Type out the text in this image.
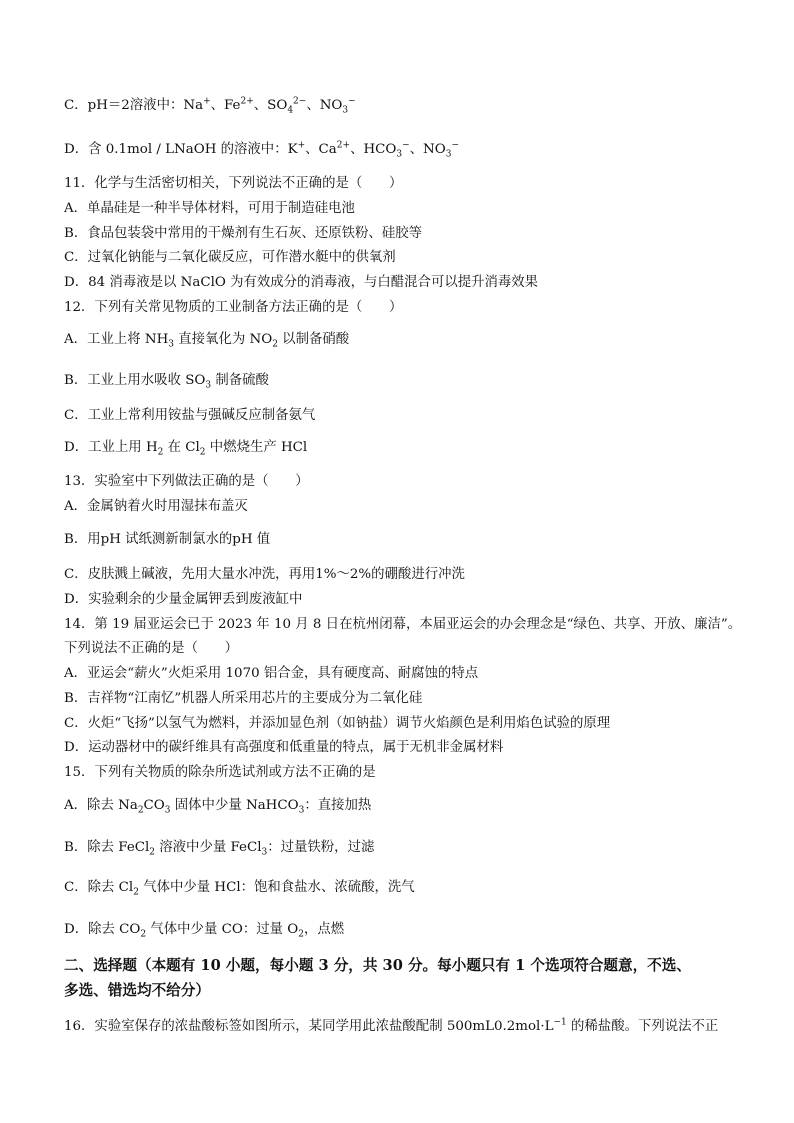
C．pH＝2溶液中：Na+、$Fe^{2+}$、$SO_4^{2-}$、$NO_3^-$
D．含 0.1mol / LNaOH 的溶液中：K+、$Ca^{2+}$、$HCO_3^-$、$NO_3^-$
11．化学与生活密切相关，下列说法不正确的是（　　）
A．单晶硅是一种半导体材料，可用于制造硅电池
B．食品包装袋中常用的干燥剂有生石灰、还原铁粉、硅胶等
C．过氧化钠能与二氧化碳反应，可作潜水艇中的供氧剂
D．84 消毒液是以 NaClO 为有效成分的消毒液，与白醋混合可以提升消毒效果
12．下列有关常见物质的工业制备方法正确的是（　　）
A．工业上将 $NH_3$ 直接氧化为 $NO_2$ 以制备硝酸
B．工业上用水吸收 $SO_3$ 制备硫酸
C．工业上常利用铵盐与强碱反应制备氨气
D．工业上用 $H_2$ 在 $Cl_2$ 中燃烧生产 HCl
13．实验室中下列做法正确的是（　　）
A．金属钠着火时用湿抹布盖灭
B．用pH 试纸测新制氯水的pH 值
C．皮肤溅上碱液，先用大量水冲洗，再用1%～2%的硼酸进行冲洗
D．实验剩余的少量金属钾丢到废液缸中
14．第 19 届亚运会已于 2023 年 10 月 8 日在杭州闭幕，本届亚运会的办会理念是“绿色、共享、开放、廉洁”。
下列说法不正确的是（　　）
A．亚运会“薪火”火炬采用 1070 铝合金，具有硬度高、耐腐蚀的特点
B．吉祥物“江南忆”机器人所采用芯片的主要成分为二氧化硅
C．火炬“飞扬”以氢气为燃料，并添加显色剂（如钠盐）调节火焰颜色是利用焰色试验的原理
D．运动器材中的碳纤维具有高强度和低重量的特点，属于无机非金属材料
15．下列有关物质的除杂所选试剂或方法不正确的是
A．除去 $Na_2CO_3$ 固体中少量 NaHCO$_3$：直接加热
B．除去 FeCl$_2$ 溶液中少量 FeCl$_3$：过量铁粉，过滤
C．除去 $Cl_2$ 气体中少量 HCl：饱和食盐水、浓硫酸，洗气
D．除去 $CO_2$ 气体中少量 CO：过量 $O_2$，点燃
二、选择题（本题有 10 小题，每小题 3 分，共 30 分。每小题只有 1 个选项符合题意，不选、
多选、错选均不给分）
16．实验室保存的浓盐酸标签如图所示，某同学用此浓盐酸配制 $500mL0.2mol\cdot L^{-1}$ 的稀盐酸。下列说法不正
